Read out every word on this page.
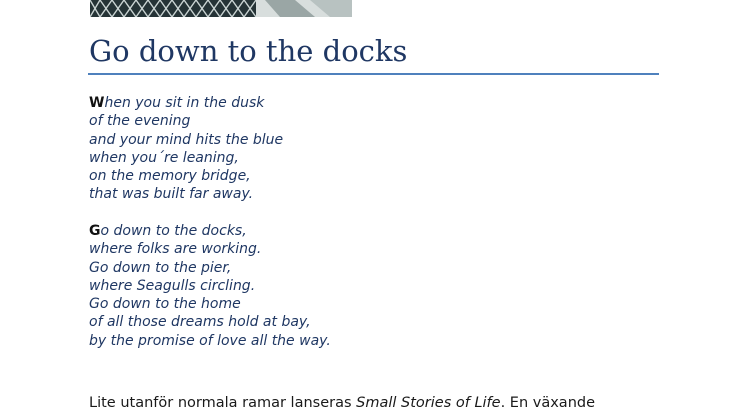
Go down to the docks

When you sit in the dusk
of the evening
and your mind hits the blue
when you´re leaning,
on the memory bridge,
that was built far away.

Go down to the docks,
where folks are working.
Go down to the pier,
where Seagulls circling.
Go down to the home
of all those dreams hold at bay,
by the promise of love all the way.

Lite utanför normala ramar lanseras Small Stories of Life. En växande
